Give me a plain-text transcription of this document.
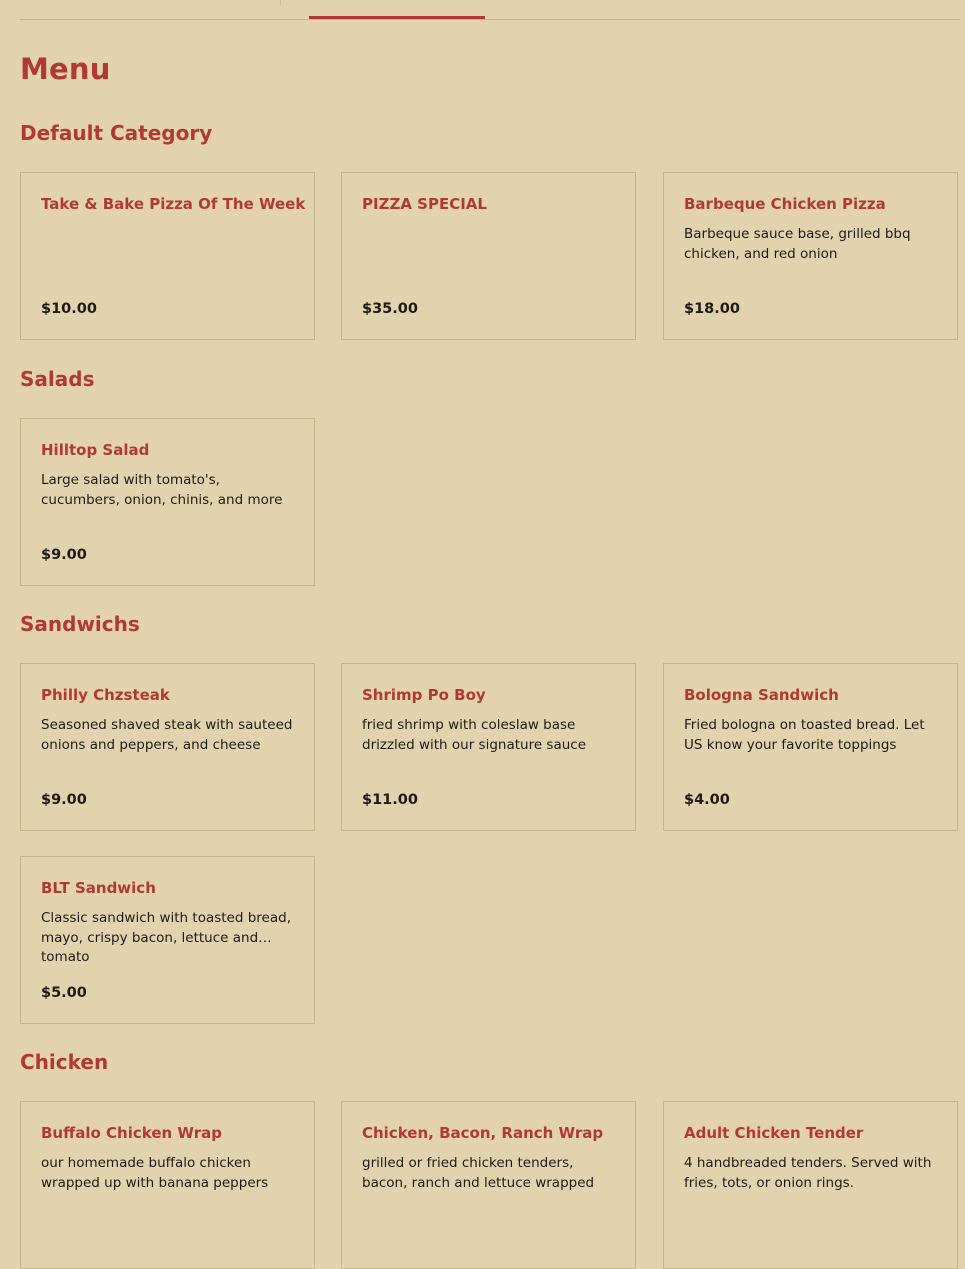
Menu
Default Category
Take & Bake Pizza Of The Week
$10.00
PIZZA SPECIAL
$35.00
Barbeque Chicken Pizza
Barbeque sauce base, grilled bbq chicken, and red onion
$18.00
Salads
Hilltop Salad
Large salad with tomato's, cucumbers, onion, chinis, and more
$9.00
Sandwichs
Philly Chzsteak
Seasoned shaved steak with sauteed onions and peppers, and cheese
$9.00
Shrimp Po Boy
fried shrimp with coleslaw base drizzled with our signature sauce
$11.00
Bologna Sandwich
Fried bologna on toasted bread. Let US know your favorite toppings
$4.00
BLT Sandwich
Classic sandwich with toasted bread, mayo, crispy bacon, lettuce and tomato
$5.00
Chicken
Buffalo Chicken Wrap
our homemade buffalo chicken wrapped up with banana peppers
Chicken, Bacon, Ranch Wrap
grilled or fried chicken tenders, bacon, ranch and lettuce wrapped
Adult Chicken Tender
4 handbreaded tenders. Served with fries, tots, or onion rings.
